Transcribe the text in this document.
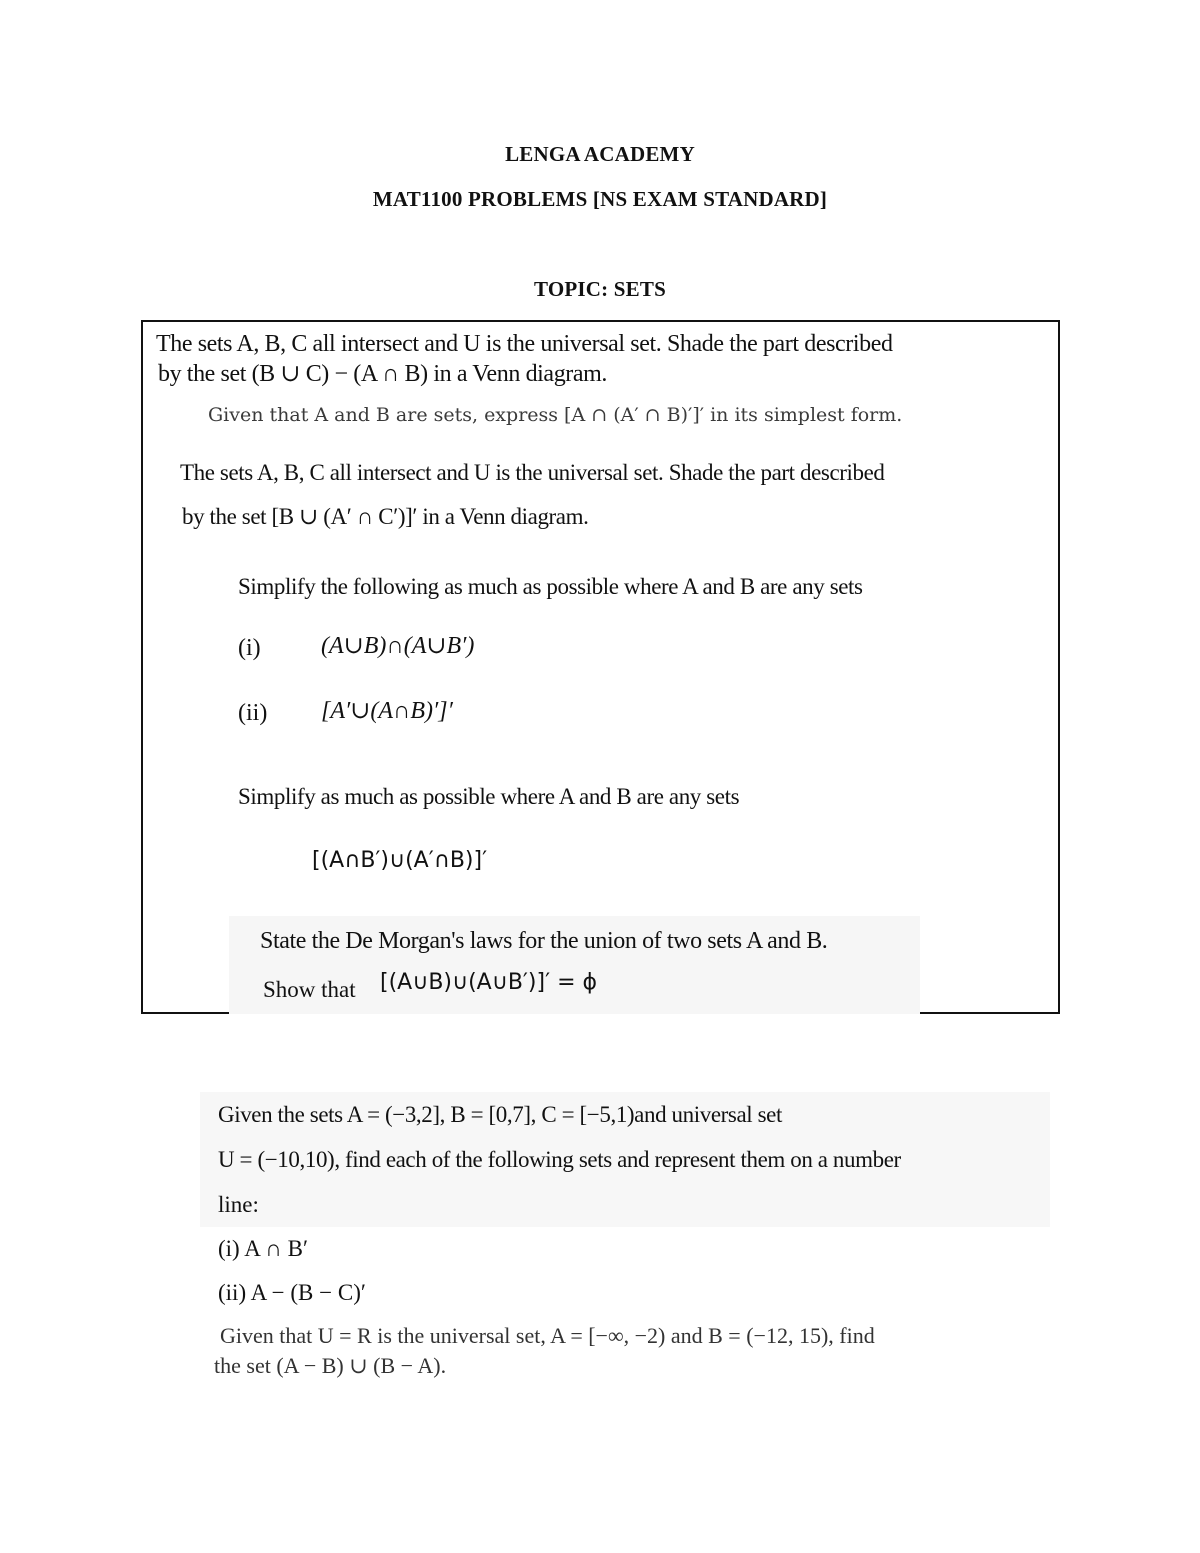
LENGA ACADEMY
MAT1100 PROBLEMS [NS EXAM STANDARD]
TOPIC: SETS
The sets A, B, C all intersect and U is the universal set. Shade the part described
by the set (B ∪ C) − (A ∩ B) in a Venn diagram.
Given that A and B are sets, express [A ∩ (A′ ∩ B)′]′ in its simplest form.
The sets A, B, C all intersect and U is the universal set. Shade the part described
by the set [B ∪ (A′ ∩ C′)]′ in a Venn diagram.
Simplify the following as much as possible where A and B are any sets
(i)	(A∪B)∩(A∪B′)
(ii) [A′∪(A∩B)′]′
Simplify as much as possible where A and B are any sets
[(A∩B′)∪(A′∩B)]′
State the De Morgan's laws for the union of two sets A and B.
Show that [(A∪B)∪(A∪B′)]′ = ϕ
Given the sets A = (−3,2], B = [0,7], C = [−5,1)and universal set
U = (−10,10), find each of the following sets and represent them on a number
line:
(i) A ∩ B′
(ii) A − (B − C)′
Given that U = R is the universal set, A = [−∞, −2) and B = (−12, 15), find
the set (A − B) ∪ (B − A).
